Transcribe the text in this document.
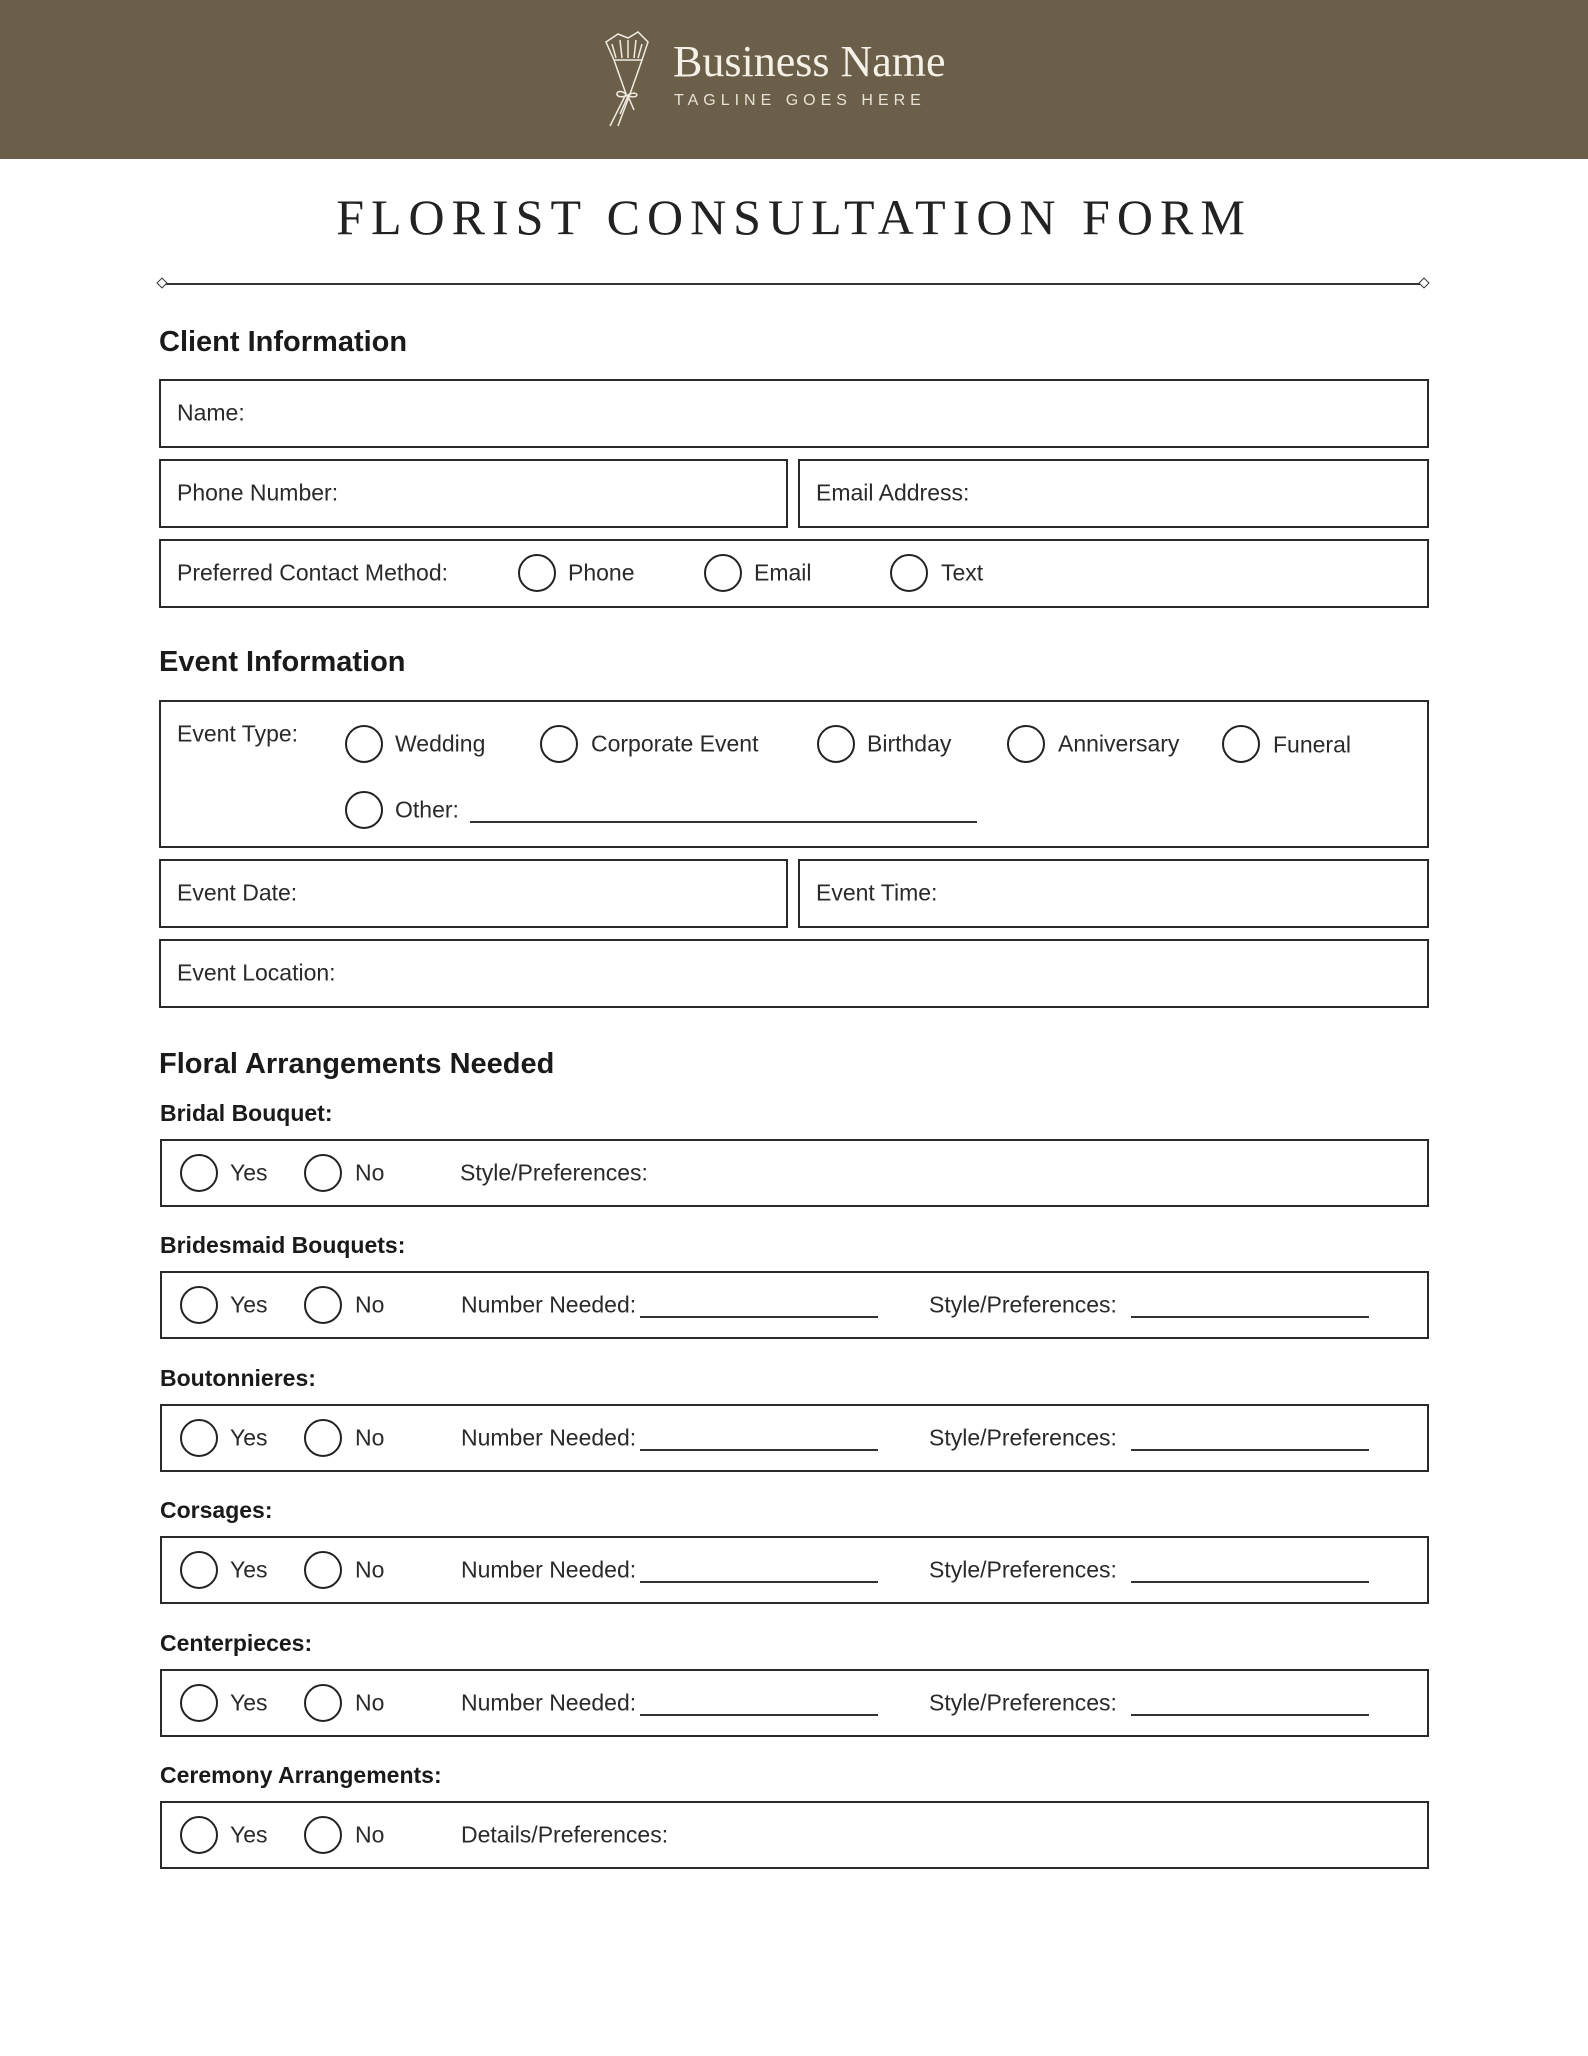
Business Name
TAGLINE GOES HERE
FLORIST CONSULTATION FORM
Client Information
Name:
Phone Number:	Email Address:
Preferred Contact Method:	Phone	Email	Text
Event Information
Event Type:	Wedding	Corporate Event	Birthday	Anniversary	Funeral
Other:
Event Date:	Event Time:
Event Location:
Floral Arrangements Needed
Bridal Bouquet:
Yes	No	Style/Preferences:
Bridesmaid Bouquets:
Yes	No	Number Needed:	Style/Preferences:
Boutonnieres:
Yes	No	Number Needed:	Style/Preferences:
Corsages:
Yes	No	Number Needed:	Style/Preferences:
Centerpieces:
Yes	No	Number Needed:	Style/Preferences:
Ceremony Arrangements:
Yes	No	Details/Preferences:
